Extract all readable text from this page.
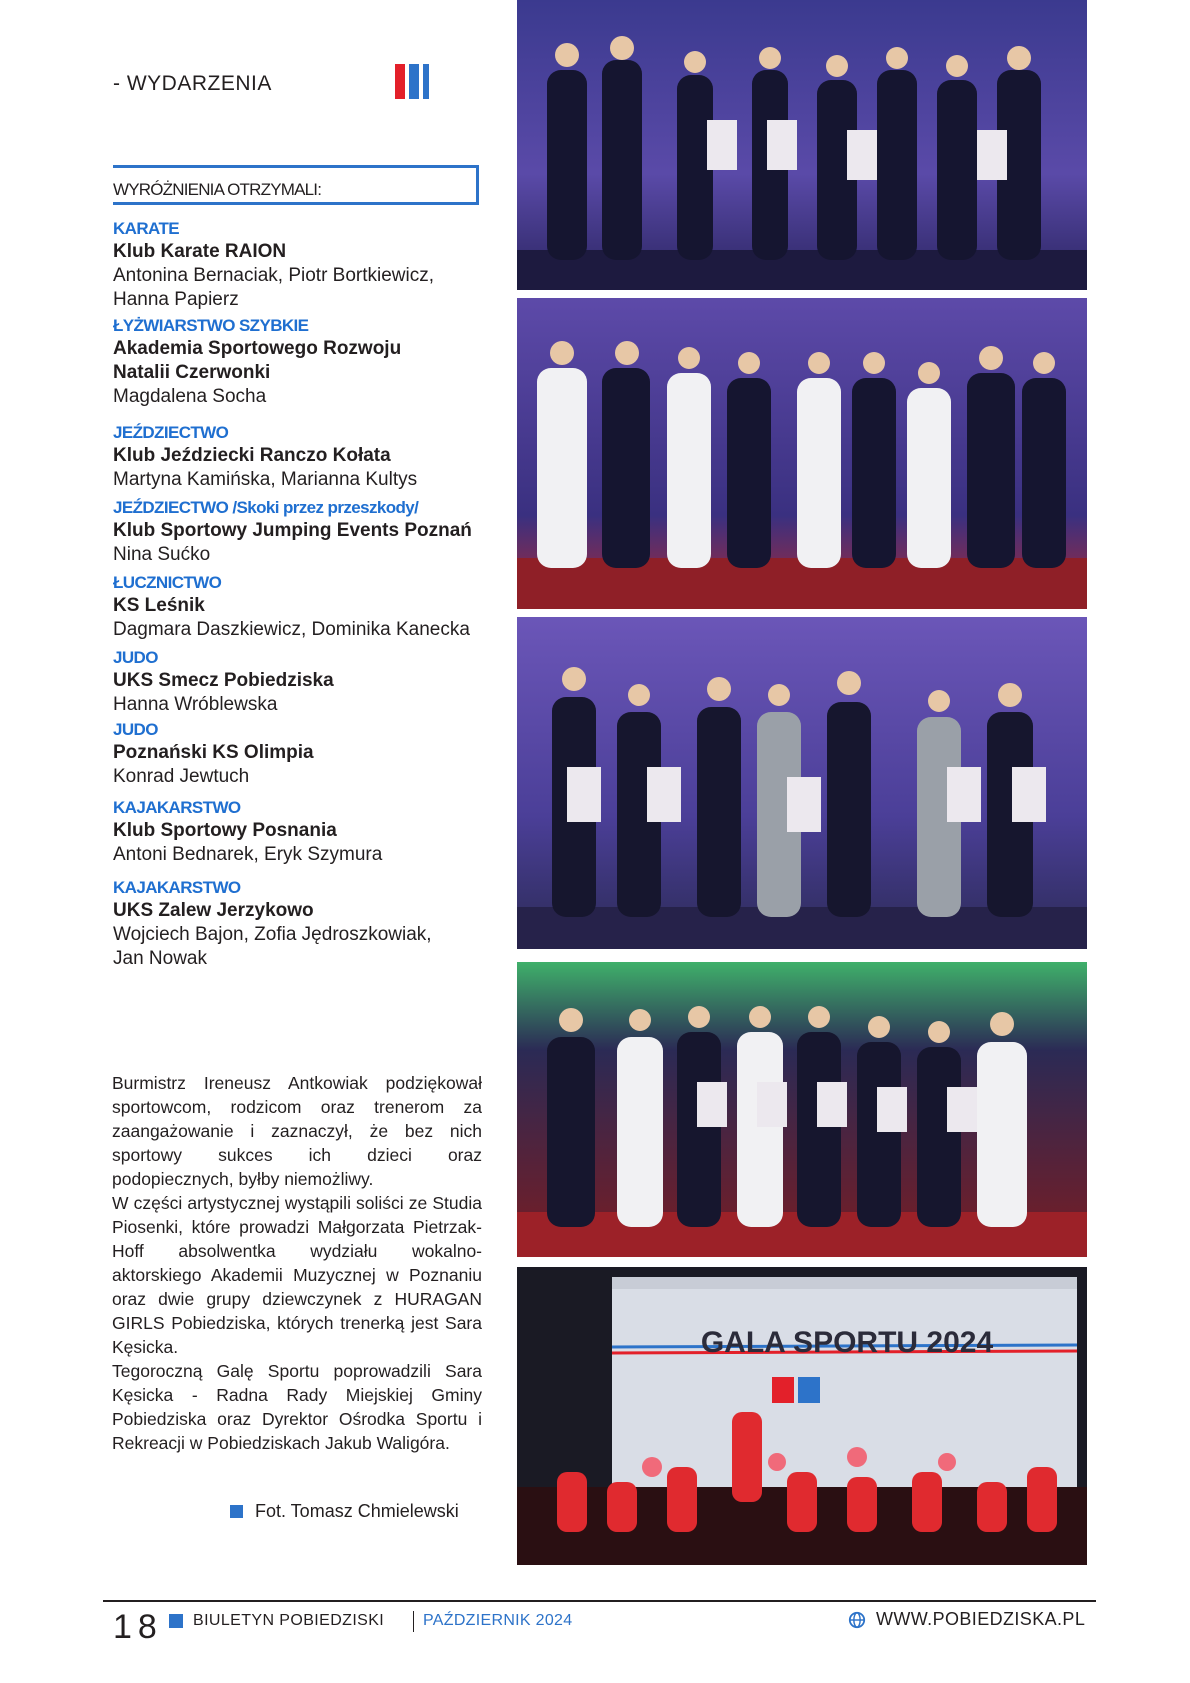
- WYDARZENIA
WYRÓŻNIENIA OTRZYMALI:
KARATE
Klub Karate RAION
Antonina Bernaciak, Piotr Bortkiewicz,
Hanna Papierz
ŁYŻWIARSTWO SZYBKIE
Akademia Sportowego Rozwoju
Natalii Czerwonki
Magdalena Socha
JEŹDZIECTWO
Klub Jeździecki Ranczo Kołata
Martyna Kamińska, Marianna Kultys
JEŹDZIECTWO /Skoki przez przeszkody/
Klub Sportowy Jumping Events Poznań
Nina Sućko
ŁUCZNICTWO
KS Leśnik
Dagmara Daszkiewicz, Dominika Kanecka
JUDO
UKS Smecz Pobiedziska
Hanna Wróblewska
JUDO
Poznański KS Olimpia
Konrad Jewtuch
KAJAKARSTWO
Klub Sportowy Posnania
Antoni Bednarek, Eryk Szymura
KAJAKARSTWO
UKS Zalew Jerzykowo
Wojciech Bajon, Zofia Jędroszkowiak,
Jan Nowak

Burmistrz Ireneusz Antkowiak podziękował sportowcom, rodzicom oraz trenerom za zaangażowanie i zaznaczył, że bez nich sportowy sukces ich dzieci oraz podopiecznych, byłby niemożliwy.

W części artystycznej wystąpili soliści ze Studia Piosenki, które prowadzi Małgorzata Pietrzak-Hoff absolwentka wydziału wokalno-aktorskiego Akademii Muzycznej w Poznaniu oraz dwie grupy dziewczynek z HURAGAN GIRLS Pobiedziska, których trenerką jest Sara Kęsicka.

Tegoroczną Galę Sportu poprowadzili Sara Kęsicka - Radna Rady Miejskiej Gminy Pobiedziska oraz Dyrektor Ośrodka Sportu i Rekreacji w Pobiedziskach Jakub Waligóra.

Fot. Tomasz Chmielewski
GALA SPORTU 2024
18 BIULETYN POBIEDZISKI PAŹDZIERNIK 2024	WWW.POBIEDZISKA.PL
